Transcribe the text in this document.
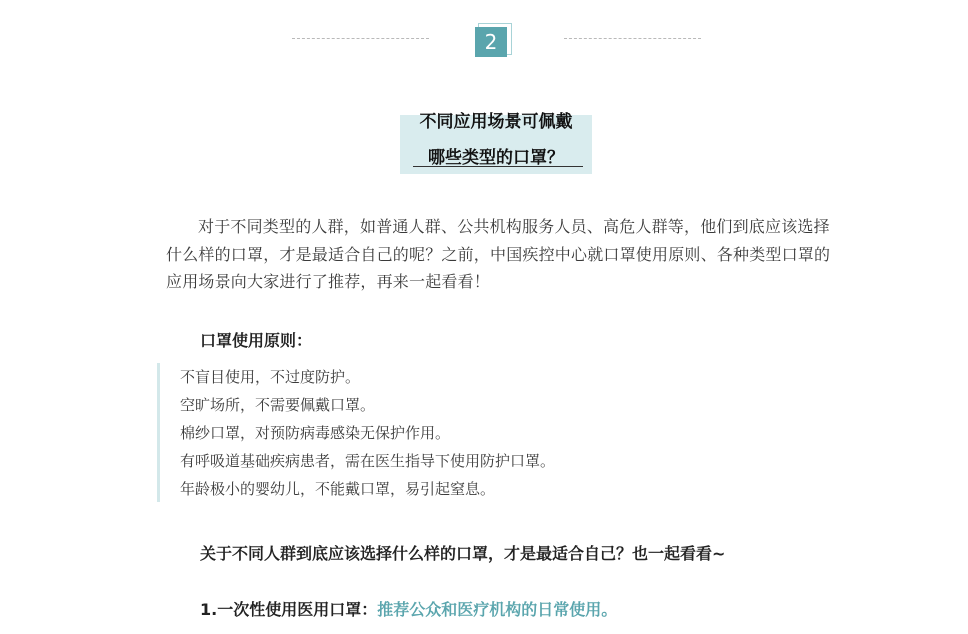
2
不同应用场景可佩戴
哪些类型的口罩？

对于不同类型的人群，如普通人群、公共机构服务人员、高危人群等，他们到底应该选择什么样的口罩，才是最适合自己的呢？之前，中国疾控中心就口罩使用原则、各种类型口罩的应用场景向大家进行了推荐，再来一起看看！

口罩使用原则：
不盲目使用，不过度防护。
空旷场所，不需要佩戴口罩。
棉纱口罩，对预防病毒感染无保护作用。
有呼吸道基础疾病患者，需在医生指导下使用防护口罩。
年龄极小的婴幼儿，不能戴口罩，易引起窒息。
关于不同人群到底应该选择什么样的口罩，才是最适合自己？也一起看看~
1.一次性使用医用口罩：推荐公众和医疗机构的日常使用。
